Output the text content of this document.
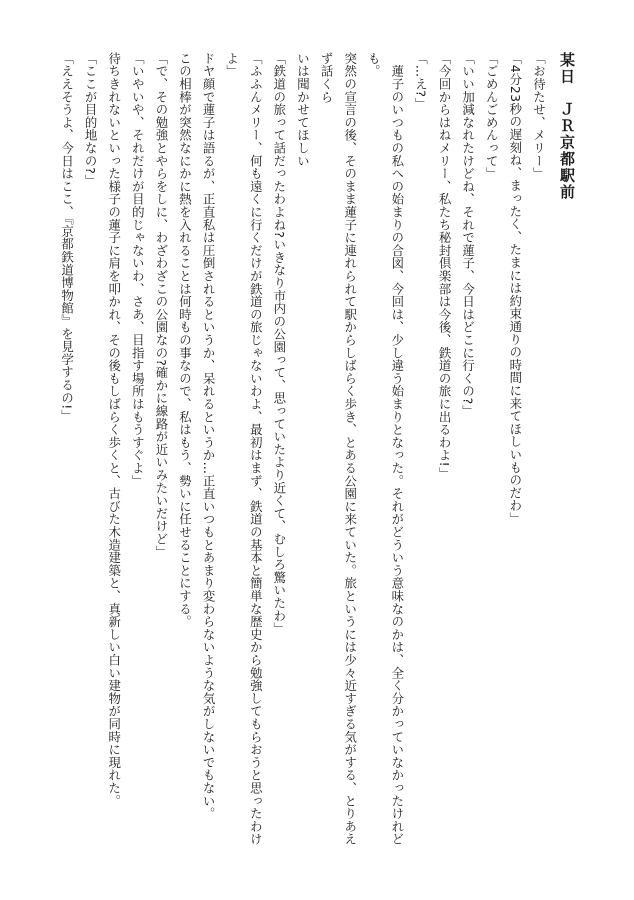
某日　ＪＲ京都駅前
「お待たせ、メリー」
「4分23秒の遅刻ね、まったく、たまには約束通りの時間に来てほしいものだわ」
「ごめんごめんって」
「いい加減なれたけどね、それで蓮子、今日はどこに行くの?」
「今回からはねメリー、私たち秘封倶楽部は今後、鉄道の旅に出るわよ!」
「…え?」
　蓮子のいつもの私への始まりの合図、今回は、少し違う始まりとなった。それがどういう意味なのかは、全く分かっていなかったけれども。
突然の宣言の後、そのまま蓮子に連れられて駅からしばらく歩き、とある公園に来ていた。旅というには少々近すぎる気がする、とりあえず話くら
いは聞かせてほしい
「鉄道の旅って話だったわよね?いきなり市内の公園って、思っていたより近くて、むしろ驚いたわ」
「ふふんメリー、何も遠くに行くだけが鉄道の旅じゃないわよ、最初はまず、鉄道の基本と簡単な歴史から勉強してもらおうと思ったわけよ」
ドヤ顔で蓮子は語るが、正直私は圧倒されるというか、呆れるというか…正直いつもとあまり変わらないような気がしないでもない。
この相棒が突然なにかに熱を入れることは何時もの事なので、私はもう、勢いに任せることにする。
「で、その勉強とやらをしに、わざわざこの公園なの?確かに線路が近いみたいだけど」
「いやいや、それだけが目的じゃないわ、さあ、目指す場所はもうすぐよ」
待ちきれないといった様子の蓮子に肩を叩かれ、その後もしばらく歩くと、古びた木造建築と、真新しい白い建物が同時に現れた。
「ここが目的地なの?」
「ええそうよ、今日はここ、『京都鉄道博物館』を見学するの!」
